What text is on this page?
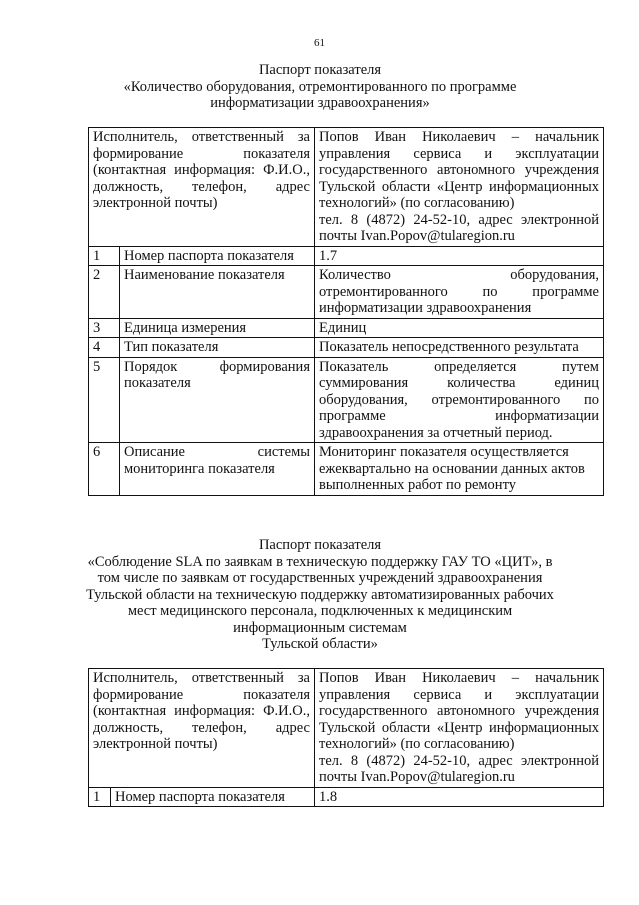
61
Паспорт показателя
«Количество оборудования, отремонтированного по программе
информатизации здравоохранения»
Исполнитель, ответственный за формирование показателя (контактная информация: Ф.И.О., должность, телефон, адрес электронной почты)		Попов Иван Николаевич – начальник управления сервиса и эксплуатации государственного автономного учреждения Тульской области «Центр информационных технологий» (по согласованию)
тел. 8 (4872) 24-52-10, адрес электронной почты Ivan.Popov@tularegion.ru

1	Номер паспорта показателя	1.7
2	Наименование показателя	Количество оборудования, отремонтированного по программе информатизации здравоохранения
3	Единица измерения	Единиц
4	Тип показателя	Показатель непосредственного результата
5	Порядок формирования показателя	Показатель определяется путем суммирования количества единиц оборудования, отремонтированного по программе информатизации здравоохранения за отчетный период.
6	Описание системы мониторинга показателя	Мониторинг показателя осуществляется ежеквартально на основании данных актов выполненных работ по ремонту
Паспорт показателя
«Соблюдение SLA по заявкам в техническую поддержку ГАУ ТО «ЦИТ», в
том числе по заявкам от государственных учреждений здравоохранения
Тульской области на техническую поддержку автоматизированных рабочих
мест медицинского персонала, подключенных к медицинским
информационным системам
Тульской области»
Исполнитель, ответственный за формирование показателя (контактная информация: Ф.И.О., должность, телефон, адрес электронной почты)		Попов Иван Николаевич – начальник управления сервиса и эксплуатации государственного автономного учреждения Тульской области «Центр информационных технологий» (по согласованию)
тел. 8 (4872) 24-52-10, адрес электронной почты Ivan.Popov@tularegion.ru

1	Номер паспорта показателя	1.8
